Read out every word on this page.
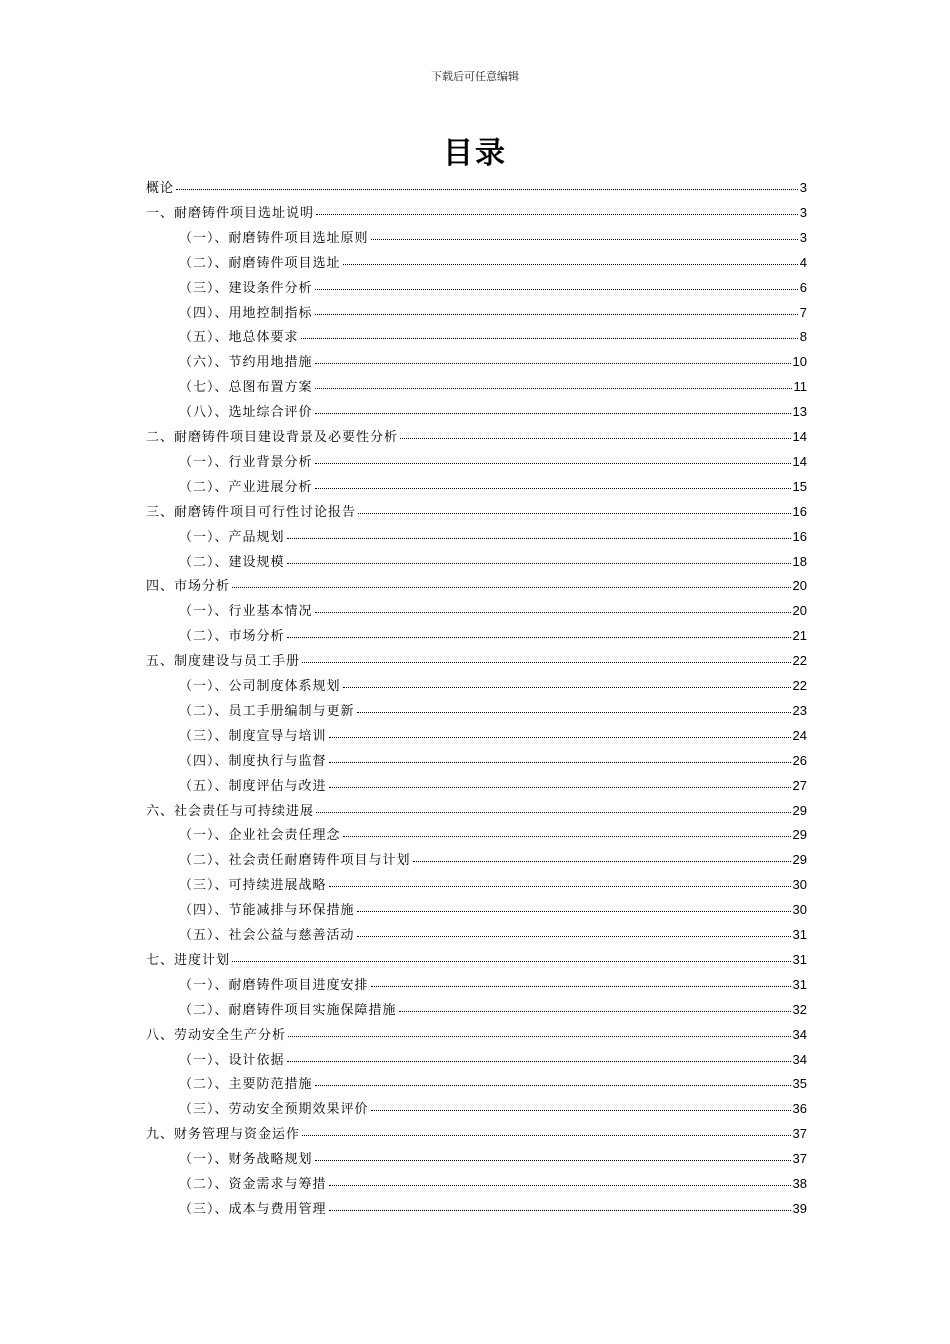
下载后可任意编辑
目录
概论	3
一、耐磨铸件项目选址说明	3
（一）、耐磨铸件项目选址原则	3
（二）、耐磨铸件项目选址	4
（三）、建设条件分析	6
（四）、用地控制指标	7
（五）、地总体要求	8
（六）、节约用地措施	10
（七）、总图布置方案	11
（八）、选址综合评价	13
二、耐磨铸件项目建设背景及必要性分析	14
（一）、行业背景分析	14
（二）、产业进展分析	15
三、耐磨铸件项目可行性讨论报告	16
（一）、产品规划	16
（二）、建设规模	18
四、市场分析	20
（一）、行业基本情况	20
（二）、市场分析	21
五、制度建设与员工手册	22
（一）、公司制度体系规划	22
（二）、员工手册编制与更新	23
（三）、制度宣导与培训	24
（四）、制度执行与监督	26
（五）、制度评估与改进	27
六、社会责任与可持续进展	29
（一）、企业社会责任理念	29
（二）、社会责任耐磨铸件项目与计划	29
（三）、可持续进展战略	30
（四）、节能减排与环保措施	30
（五）、社会公益与慈善活动	31
七、进度计划	31
（一）、耐磨铸件项目进度安排	31
（二）、耐磨铸件项目实施保障措施	32
八、劳动安全生产分析	34
（一）、设计依据	34
（二）、主要防范措施	35
（三）、劳动安全预期效果评价	36
九、财务管理与资金运作	37
（一）、财务战略规划	37
（二）、资金需求与筹措	38
（三）、成本与费用管理	39
